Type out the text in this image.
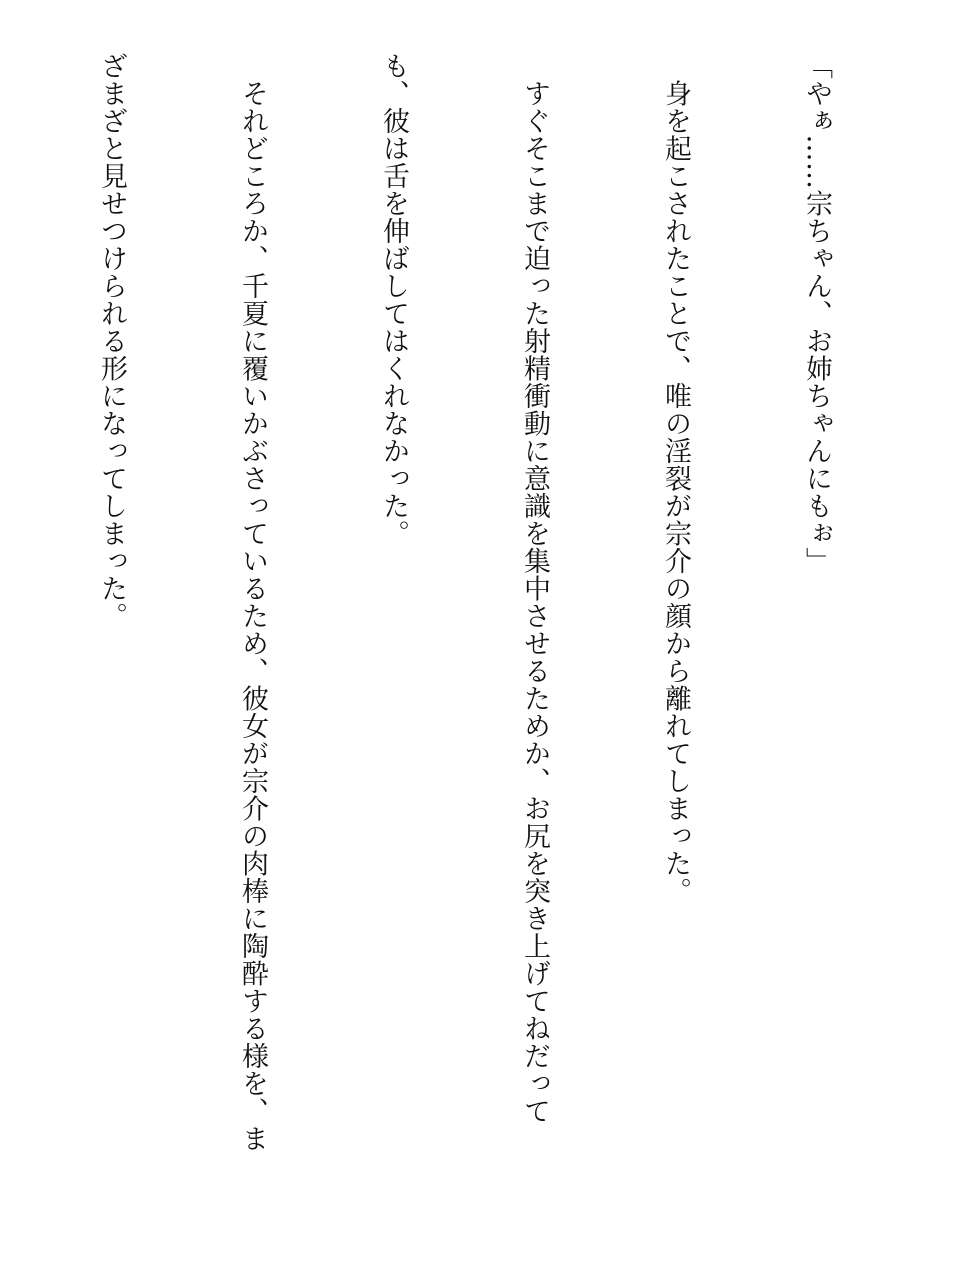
「やぁ……宗ちゃん、お姉ちゃんにもぉ」

　身を起こされたことで、唯の淫裂が宗介の顔から離れてしまった。

　すぐそこまで迫った射精衝動に意識を集中させるためか、お尻を突き上げてねだって

も、彼は舌を伸ばしてはくれなかった。

　それどころか、千夏に覆いかぶさっているため、彼女が宗介の肉棒に陶酔する様を、ま

ざまざと見せつけられる形になってしまった。
